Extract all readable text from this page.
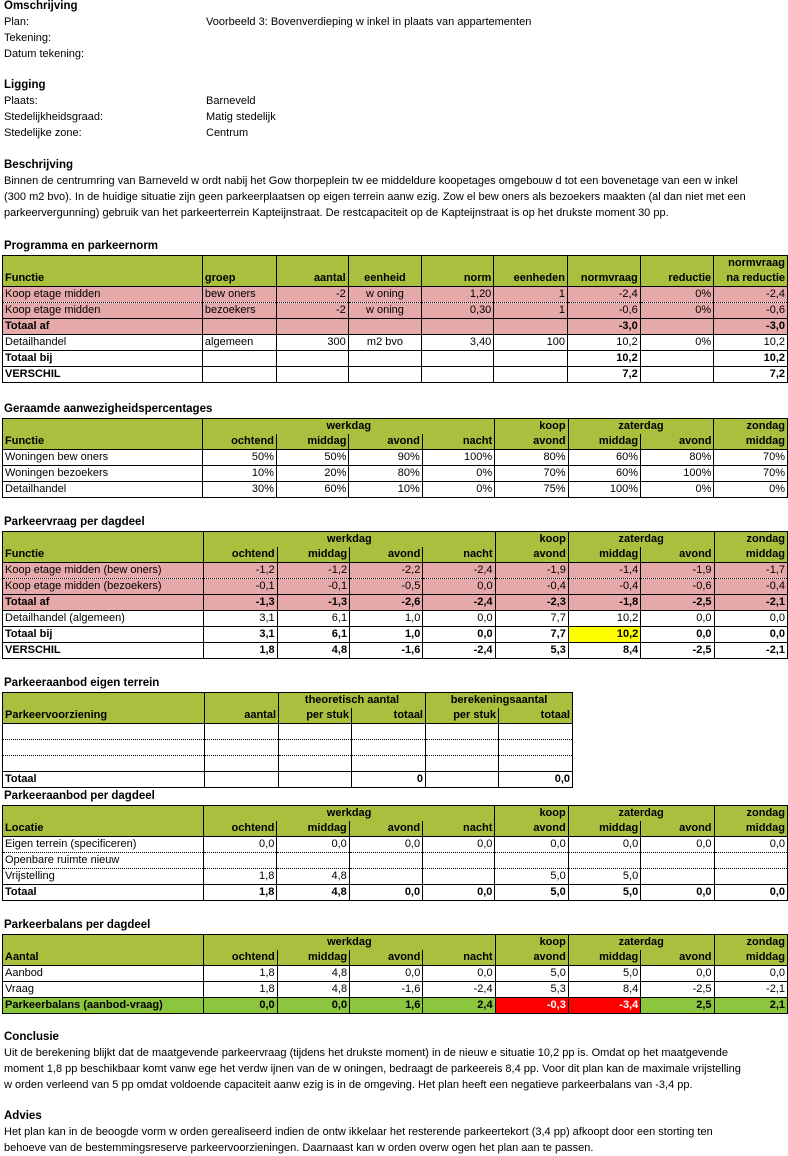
Omschrijving
Plan:	Voorbeeld 3: Bovenverdieping w inkel in plaats van appartementen
Tekening:
Datum tekening:
Ligging
Plaats:	Barneveld
Stedelijkheidsgraad:	Matig stedelijk
Stedelijke zone:	Centrum
Beschrijving
Binnen de centrumring van Barneveld w ordt nabij het Gow thorpeplein tw ee middeldure koopetages omgebouw d tot een bovenetage van een w inkel
(300 m2 bvo). In de huidige situatie zijn geen parkeerplaatsen op eigen terrein aanw ezig. Zow el bew oners als bezoekers maakten (al dan niet met een
parkeervergunning) gebruik van het parkeerterrein Kapteijnstraat. De restcapaciteit op de Kapteijnstraat is op het drukste moment 30 pp.
Programma en parkeernorm
								normvraag
Functie	groep	aantal	eenheid	norm	eenheden	normvraag	reductie	na reductie
Koop etage midden	bew oners	-2	w oning	1,20	1	-2,4	0%	-2,4
Koop etage midden	bezoekers	-2	w oning	0,30	1	-0,6	0%	-0,6
Totaal af						-3,0		-3,0
Detailhandel	algemeen	300	m2 bvo	3,40	100	10,2	0%	10,2
Totaal bij						10,2		10,2
VERSCHIL						7,2		7,2
Geraamde aanwezigheidspercentages
	werkdag				koop	zaterdag		zondag
Functie	ochtend	middag	avond	nacht	avond	middag	avond	middag
Woningen bew oners	50%	50%	90%	100%	80%	60%	80%	70%
Woningen bezoekers	10%	20%	80%	0%	70%	60%	100%	70%
Detailhandel	30%	60%	10%	0%	75%	100%	0%	0%
Parkeervraag per dagdeel
	werkdag				koop	zaterdag		zondag
Functie	ochtend	middag	avond	nacht	avond	middag	avond	middag
Koop etage midden (bew oners)	-1,2	-1,2	-2,2	-2,4	-1,9	-1,4	-1,9	-1,7
Koop etage midden (bezoekers)	-0,1	-0,1	-0,5	0,0	-0,4	-0,4	-0,6	-0,4
Totaal af	-1,3	-1,3	-2,6	-2,4	-2,3	-1,8	-2,5	-2,1
Detailhandel (algemeen)	3,1	6,1	1,0	0,0	7,7	10,2	0,0	0,0
Totaal bij	3,1	6,1	1,0	0,0	7,7	10,2	0,0	0,0
VERSCHIL	1,8	4,8	-1,6	-2,4	5,3	8,4	-2,5	-2,1
Parkeeraanbod eigen terrein
		theoretisch aantal		berekeningsaantal	
Parkeervoorziening	aantal	per stuk	totaal	per stuk	totaal

Totaal			0		0,0
Parkeeraanbod per dagdeel
	werkdag				koop	zaterdag		zondag
Locatie	ochtend	middag	avond	nacht	avond	middag	avond	middag
Eigen terrein (specificeren)	0,0	0,0	0,0	0,0	0,0	0,0	0,0	0,0
Openbare ruimte nieuw								
Vrijstelling	1,8	4,8			5,0	5,0		
Totaal	1,8	4,8	0,0	0,0	5,0	5,0	0,0	0,0
Parkeerbalans per dagdeel
	werkdag				koop	zaterdag		zondag
Aantal	ochtend	middag	avond	nacht	avond	middag	avond	middag
Aanbod	1,8	4,8	0,0	0,0	5,0	5,0	0,0	0,0
Vraag	1,8	4,8	-1,6	-2,4	5,3	8,4	-2,5	-2,1
Parkeerbalans (aanbod-vraag)	0,0	0,0	1,6	2,4	-0,3	-3,4	2,5	2,1
Conclusie
Uit de berekening blijkt dat de maatgevende parkeervraag (tijdens het drukste moment) in de nieuw e situatie 10,2 pp is. Omdat op het maatgevende
moment 1,8 pp beschikbaar komt vanw ege het verdw ijnen van de w oningen, bedraagt de parkeereis 8,4 pp. Voor dit plan kan de maximale vrijstelling
w orden verleend van 5 pp omdat voldoende capaciteit aanw ezig is in de omgeving. Het plan heeft een negatieve parkeerbalans van -3,4 pp.
Advies
Het plan kan in de beoogde vorm w orden gerealiseerd indien de ontw ikkelaar het resterende parkeertekort (3,4 pp) afkoopt door een storting ten
behoeve van de bestemmingsreserve parkeervoorzieningen. Daarnaast kan w orden overw ogen het plan aan te passen.
